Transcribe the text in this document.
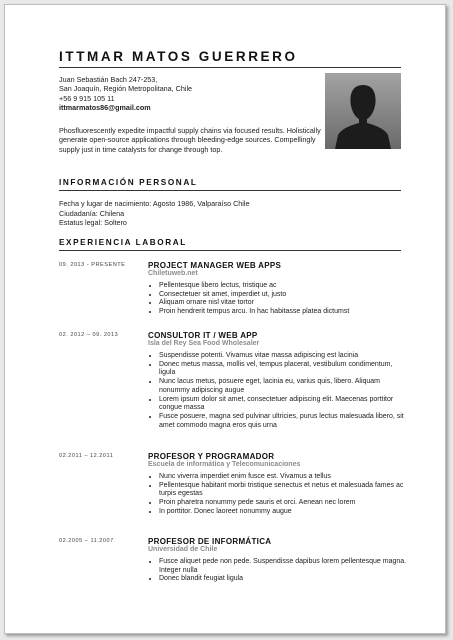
ITTMAR MATOS GUERRERO
Juan Sebastián Bach 247-253,
San Joaquín, Región Metropolitana, Chile
+56 9 915 105 11
ittmarmatos86@gmail.com
Phosfluorescently expedite impactful supply chains via focused results. Holistically generate open-source applications through bleeding-edge sources. Compellingly supply just in time catalysts for change through top.
INFORMACIÓN PERSONAL
Fecha y lugar de nacimiento: Agosto 1986, Valparaíso Chile
Ciudadanía: Chilena
Estatus legal: Soltero
EXPERIENCIA LABORAL
09. 2013 - PRESENTE	PROJECT MANAGER WEB APPS
Chiletuweb.net
• Pellentesque libero lectus, tristique ac
• Consectetuer sit amet, imperdiet ut, justo
• Aliquam ornare nisl vitae tortor
• Proin hendrerit tempus arcu. In hac habitasse platea dictumst
02. 2012 – 09. 2013	CONSULTOR IT / WEB APP
Isla del Rey Sea Food Wholesaler
• Suspendisse potenti. Vivamus vitae massa adipiscing est lacinia
• Donec metus massa, mollis vel, tempus placerat, vestibulum condimentum, ligula
• Nunc lacus metus, posuere eget, lacinia eu, varius quis, libero. Aliquam nonummy adipiscing augue
• Lorem ipsum dolor sit amet, consectetuer adipiscing elit. Maecenas porttitor congue massa
• Fusce posuere, magna sed pulvinar ultricies, purus lectus malesuada libero, sit amet commodo magna eros quis urna
02.2011 – 12.2011	PROFESOR Y PROGRAMADOR
Escuela de informática y Telecomunicaciones
• Nunc viverra imperdiet enim fusce est. Vivamus a tellus
• Pellentesque habitant morbi tristique senectus et netus et malesuada fames ac turpis egestas
• Proin pharetra nonummy pede sauris et orci. Aenean nec lorem
• In porttitor. Donec laoreet nonummy augue
02.2005 – 11.2007	PROFESOR DE INFORMÁTICA
Universidad de Chile
• Fusce aliquet pede non pede. Suspendisse dapibus lorem pellentesque magna. Integer nulla
• Donec blandit feugiat ligula
